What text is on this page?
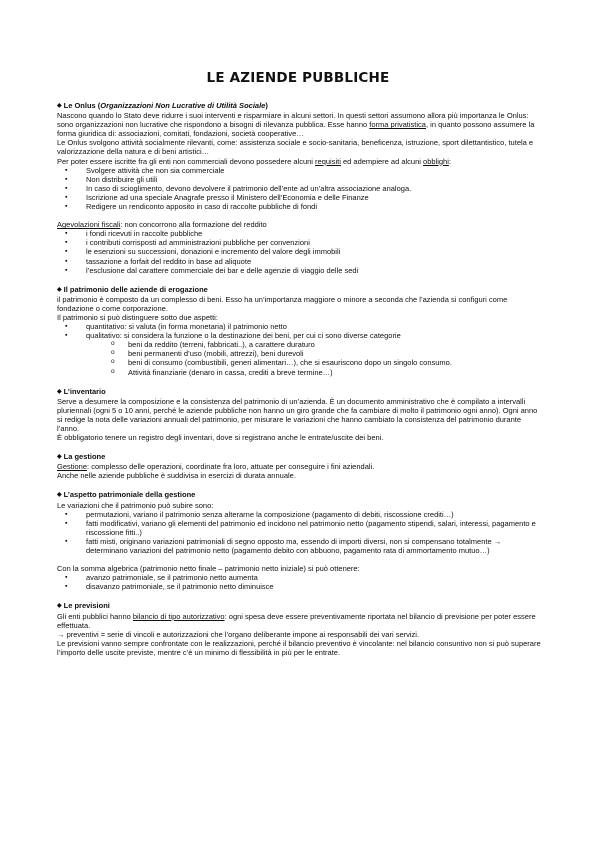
LE AZIENDE PUBBLICHE
◆ Le Onlus (Organizzazioni Non Lucrative di Utilità Sociale)

Nascono quando lo Stato deve ridurre i suoi interventi e risparmiare in alcuni settori. In questi settori assumono allora più importanza le Onlus: sono organizzazioni non lucrative che rispondono a bisogni di rilevanza pubblica. Esse hanno forma privatistica, in quanto possono assumere la forma giuridica di: associazioni, comitati, fondazioni, società cooperative…

Le Onlus svolgono attività socialmente rilevanti, come: assistenza sociale e socio-sanitaria, beneficenza, istruzione, sport dilettantistico, tutela e valorizzazione della natura e di beni artistici…

Per poter essere iscritte fra gli enti non commerciali devono possedere alcuni requisiti ed adempiere ad alcuni obblighi:

▪ Svolgere attività che non sia commerciale
▪ Non distribuire gli utili
▪ In caso di scioglimento, devono devolvere il patrimonio dell’ente ad un’altra associazione analoga.
▪ Iscrizione ad una speciale Anagrafe presso il Ministero dell’Economia e delle Finanze
▪ Redigere un rendiconto apposito in caso di raccolte pubbliche di fondi

Agevolazioni fiscali: non concorrono alla formazione del reddito

▪ i fondi ricevuti in raccolte pubbliche
▪ i contributi corrisposti ad amministrazioni pubbliche per convenzioni
▪ le esenzioni su successioni, donazioni e incremento del valore degli immobili
▪ tassazione a forfait del reddito in base ad aliquote
▪ l’esclusione dal carattere commerciale dei bar e delle agenzie di viaggio delle sedi
◆ Il patrimonio delle aziende di erogazione

il patrimonio è composto da un complesso di beni. Esso ha un’importanza maggiore o minore a seconda che l’azienda si configuri come fondazione o come corporazione.

Il patrimonio si può distinguere sotto due aspetti:

▪ quantitativo: si valuta (in forma monetaria) il patrimonio netto
▪ qualitativo: si considera la funzione o la destinazione dei beni, per cui ci sono diverse categorie
o beni da reddito (terreni, fabbricati..), a carattere duraturo
o beni permanenti d’uso (mobili, attrezzi), beni durevoli
o beni di consumo (combustibili, generi alimentari…), che si esauriscono dopo un singolo consumo.
o Attività finanziarie (denaro in cassa, crediti a breve termine…)
◆ L’inventario

Serve a desumere la composizione e la consistenza del patrimonio di un’azienda. È un documento amministrativo che è compilato a intervalli pluriennali (ogni 5 o 10 anni, perché le aziende pubbliche non hanno un giro grande che fa cambiare di molto il patrimonio ogni anno). Ogni anno si redige la nota delle variazioni annuali del patrimonio, per misurare le variazioni che hanno cambiato la consistenza del patrimonio durante l’anno.

È obbligatorio tenere un registro degli inventari, dove si registrano anche le entrate/uscite dei beni.

◆ La gestione

Gestione: complesso delle operazioni, coordinate fra loro, attuate per conseguire i fini aziendali.

Anche nelle aziende pubbliche è suddivisa in esercizi di durata annuale.

◆ L’aspetto patrimoniale della gestione

Le variazioni che il patrimonio può subire sono:

▪ permutazioni, variano il patrimonio senza alterarne la composizione (pagamento di debiti, riscossione crediti…)
▪ fatti modificativi, variano gli elementi del patrimonio ed incidono nel patrimonio netto (pagamento stipendi, salari, interessi, pagamento e riscossione fitti..)
▪ fatti misti, originano variazioni patrimoniali di segno opposto ma, essendo di importi diversi, non si compensano totalmente → determinano variazioni del patrimonio netto (pagamento debito con abbuono, pagamento rata di ammortamento mutuo…)

Con la somma algebrica (patrimonio netto finale – patrimonio netto iniziale) si può ottenere:

▪ avanzo patrimoniale, se il patrimonio netto aumenta
▪ disavanzo patrimoniale, se il patrimonio netto diminuisce
◆ Le previsioni

Gli enti pubblici hanno bilancio di tipo autorizzativo: ogni spesa deve essere preventivamente riportata nel bilancio di previsione per poter essere effettuata.

→ preventivi = serie di vincoli e autorizzazioni che l’organo deliberante impone ai responsabili dei vari servizi.

Le previsioni vanno sempre confrontate con le realizzazioni, perché il bilancio preventivo è vincolante: nel bilancio consuntivo non si può superare l’importo delle uscite previste, mentre c’è un minimo di flessibilità in più per le entrate.
